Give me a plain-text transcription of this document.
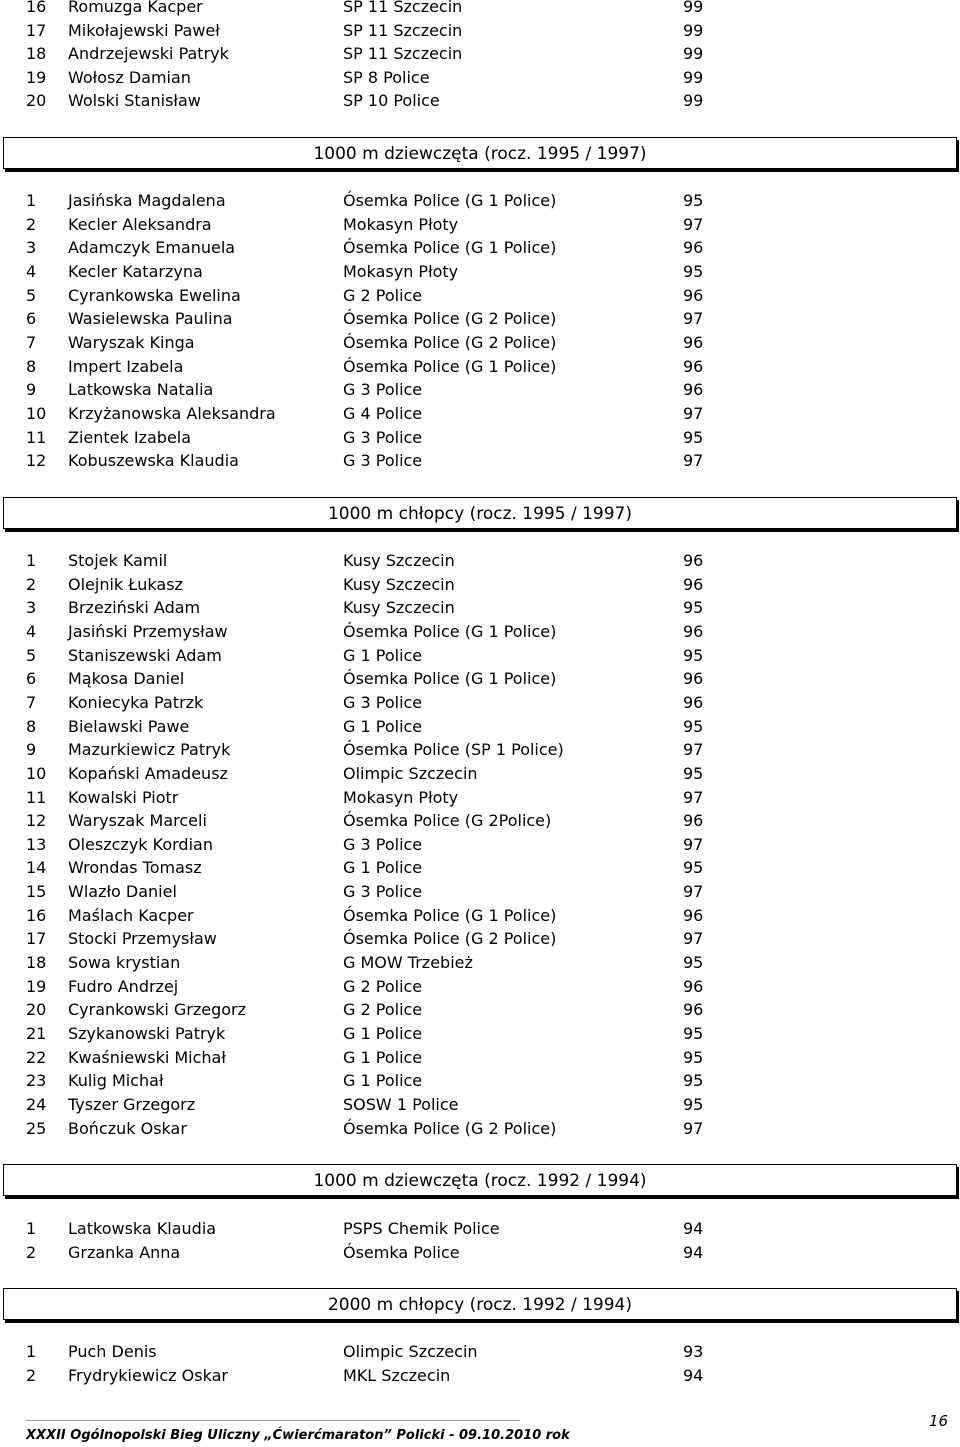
16 Romuzga Kacper	SP 11 Szczecin	99
17 Mikołajewski Paweł	SP 11 Szczecin	99
18 Andrzejewski Patryk	SP 11 Szczecin	99
19 Wołosz Damian	SP 8 Police	99
20 Wolski Stanisław	SP 10 Police	99
1000 m dziewczęta (rocz. 1995 / 1997)
1 Jasińska Magdalena	Ósemka Police (G 1 Police)	95
2 Kecler Aleksandra	Mokasyn Płoty	97
3 Adamczyk Emanuela	Ósemka Police (G 1 Police)	96
4 Kecler Katarzyna	Mokasyn Płoty	95
5 Cyrankowska Ewelina	G 2 Police	96
6 Wasielewska Paulina	Ósemka Police (G 2 Police)	97
7 Waryszak Kinga	Ósemka Police (G 2 Police)	96
8 Impert Izabela	Ósemka Police (G 1 Police)	96
9 Latkowska Natalia	G 3 Police	96
10 Krzyżanowska Aleksandra	G 4 Police	97
11 Zientek Izabela	G 3 Police	95
12 Kobuszewska Klaudia	G 3 Police	97
1000 m chłopcy (rocz. 1995 / 1997)
1 Stojek Kamil	Kusy Szczecin	96
2 Olejnik Łukasz	Kusy Szczecin	96
3 Brzeziński Adam	Kusy Szczecin	95
4 Jasiński Przemysław	Ósemka Police (G 1 Police)	96
5 Staniszewski Adam	G 1 Police	95
6 Mąkosa Daniel	Ósemka Police (G 1 Police)	96
7 Koniecyka Patrzk	G 3 Police	96
8 Bielawski Pawe	G 1 Police	95
9 Mazurkiewicz Patryk	Ósemka Police (SP 1 Police)	97
10 Kopański Amadeusz	Olimpic Szczecin	95
11 Kowalski Piotr	Mokasyn Płoty	97
12 Waryszak Marceli	Ósemka Police (G 2Police)	96
13 Oleszczyk Kordian	G 3 Police	97
14 Wrondas Tomasz	G 1 Police	95
15 Wlazło Daniel	G 3 Police	97
16 Maślach Kacper	Ósemka Police (G 1 Police)	96
17 Stocki Przemysław	Ósemka Police (G 2 Police)	97
18 Sowa krystian	G MOW Trzebież	95
19 Fudro Andrzej	G 2 Police	96
20 Cyrankowski Grzegorz	G 2 Police	96
21 Szykanowski Patryk	G 1 Police	95
22 Kwaśniewski Michał	G 1 Police	95
23 Kulig Michał	G 1 Police	95
24 Tyszer Grzegorz	SOSW 1 Police	95
25 Bończuk Oskar	Ósemka Police (G 2 Police)	97
1000 m dziewczęta (rocz. 1992 / 1994)
1 Latkowska Klaudia	PSPS Chemik Police	94
2 Grzanka Anna	Ósemka Police	94
2000 m chłopcy (rocz. 1992 / 1994)
1 Puch Denis	Olimpic Szczecin	93
2 Frydrykiewicz Oskar	MKL Szczecin	94
XXXII Ogólnopolski Bieg Uliczny „Ćwierćmaraton” Policki - 09.10.2010 rok
16
